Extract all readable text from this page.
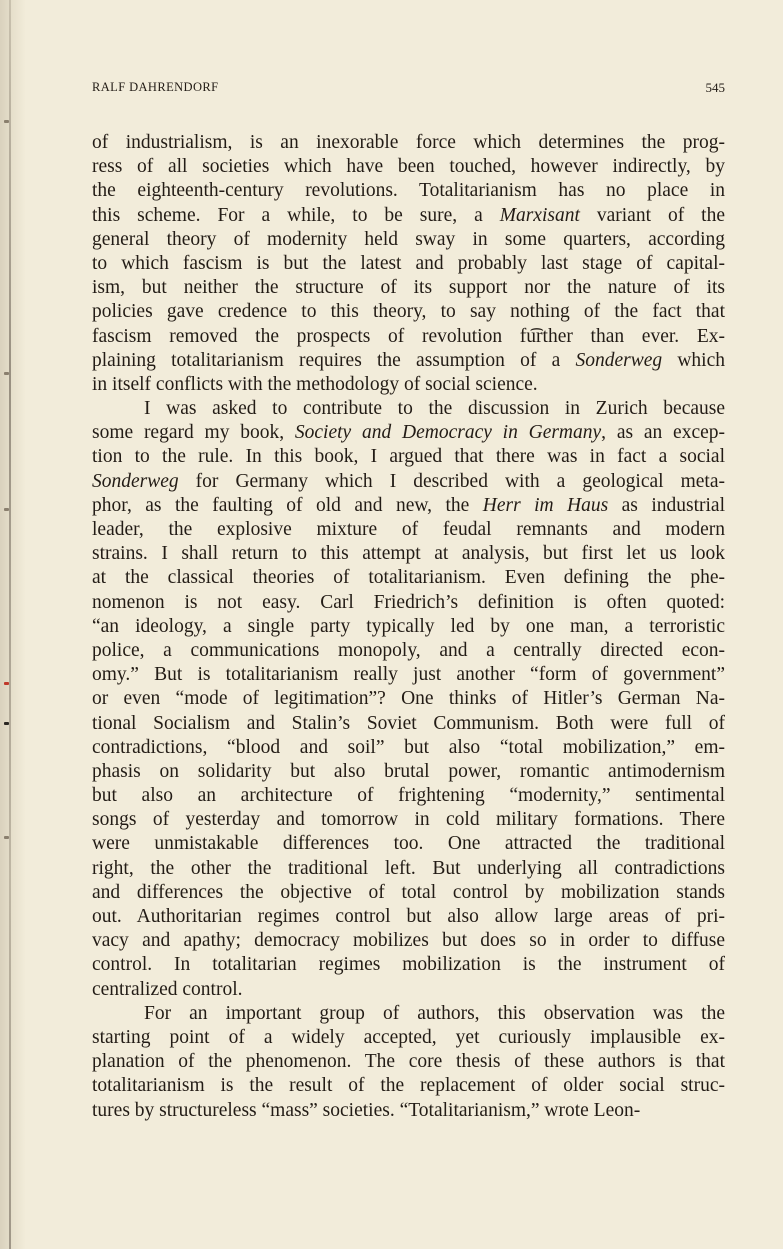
RALF DAHRENDORF	545
of industrialism, is an inexorable force which determines the prog-
ress of all societies which have been touched, however indirectly, by
the eighteenth-century revolutions. Totalitarianism has no place in
this scheme. For a while, to be sure, a Marxisant variant of the
general theory of modernity held sway in some quarters, according
to which fascism is but the latest and probably last stage of capital-
ism, but neither the structure of its support nor the nature of its
policies gave credence to this theory, to say nothing of the fact that
fascism removed the prospects of revolution fu͡rther than ever. Ex-
plaining totalitarianism requires the assumption of a Sonderweg which
in itself conflicts with the methodology of social science.
I was asked to contribute to the discussion in Zurich because
some regard my book, Society and Democracy in Germany, as an excep-
tion to the rule. In this book, I argued that there was in fact a social
Sonderweg for Germany which I described with a geological meta-
phor, as the faulting of old and new, the Herr im Haus as industrial
leader, the explosive mixture of feudal remnants and modern
strains. I shall return to this attempt at analysis, but first let us look
at the classical theories of totalitarianism. Even defining the phe-
nomenon is not easy. Carl Friedrich’s definition is often quoted:
“an ideology, a single party typically led by one man, a terroristic
police, a communications monopoly, and a centrally directed econ-
omy.” But is totalitarianism really just another “form of government”
or even “mode of legitimation”? One thinks of Hitler’s German Na-
tional Socialism and Stalin’s Soviet Communism. Both were full of
contradictions, “blood and soil” but also “total mobilization,” em-
phasis on solidarity but also brutal power, romantic antimodernism
but also an architecture of frightening “modernity,” sentimental
songs of yesterday and tomorrow in cold military formations. There
were unmistakable differences too. One attracted the traditional
right, the other the traditional left. But underlying all contradictions
and differences the objective of total control by mobilization stands
out. Authoritarian regimes control but also allow large areas of pri-
vacy and apathy; democracy mobilizes but does so in order to diffuse
control. In totalitarian regimes mobilization is the instrument of
centralized control.
For an important group of authors, this observation was the
starting point of a widely accepted, yet curiously implausible ex-
planation of the phenomenon. The core thesis of these authors is that
totalitarianism is the result of the replacement of older social struc-
tures by structureless “mass” societies. “Totalitarianism,” wrote Leon-
